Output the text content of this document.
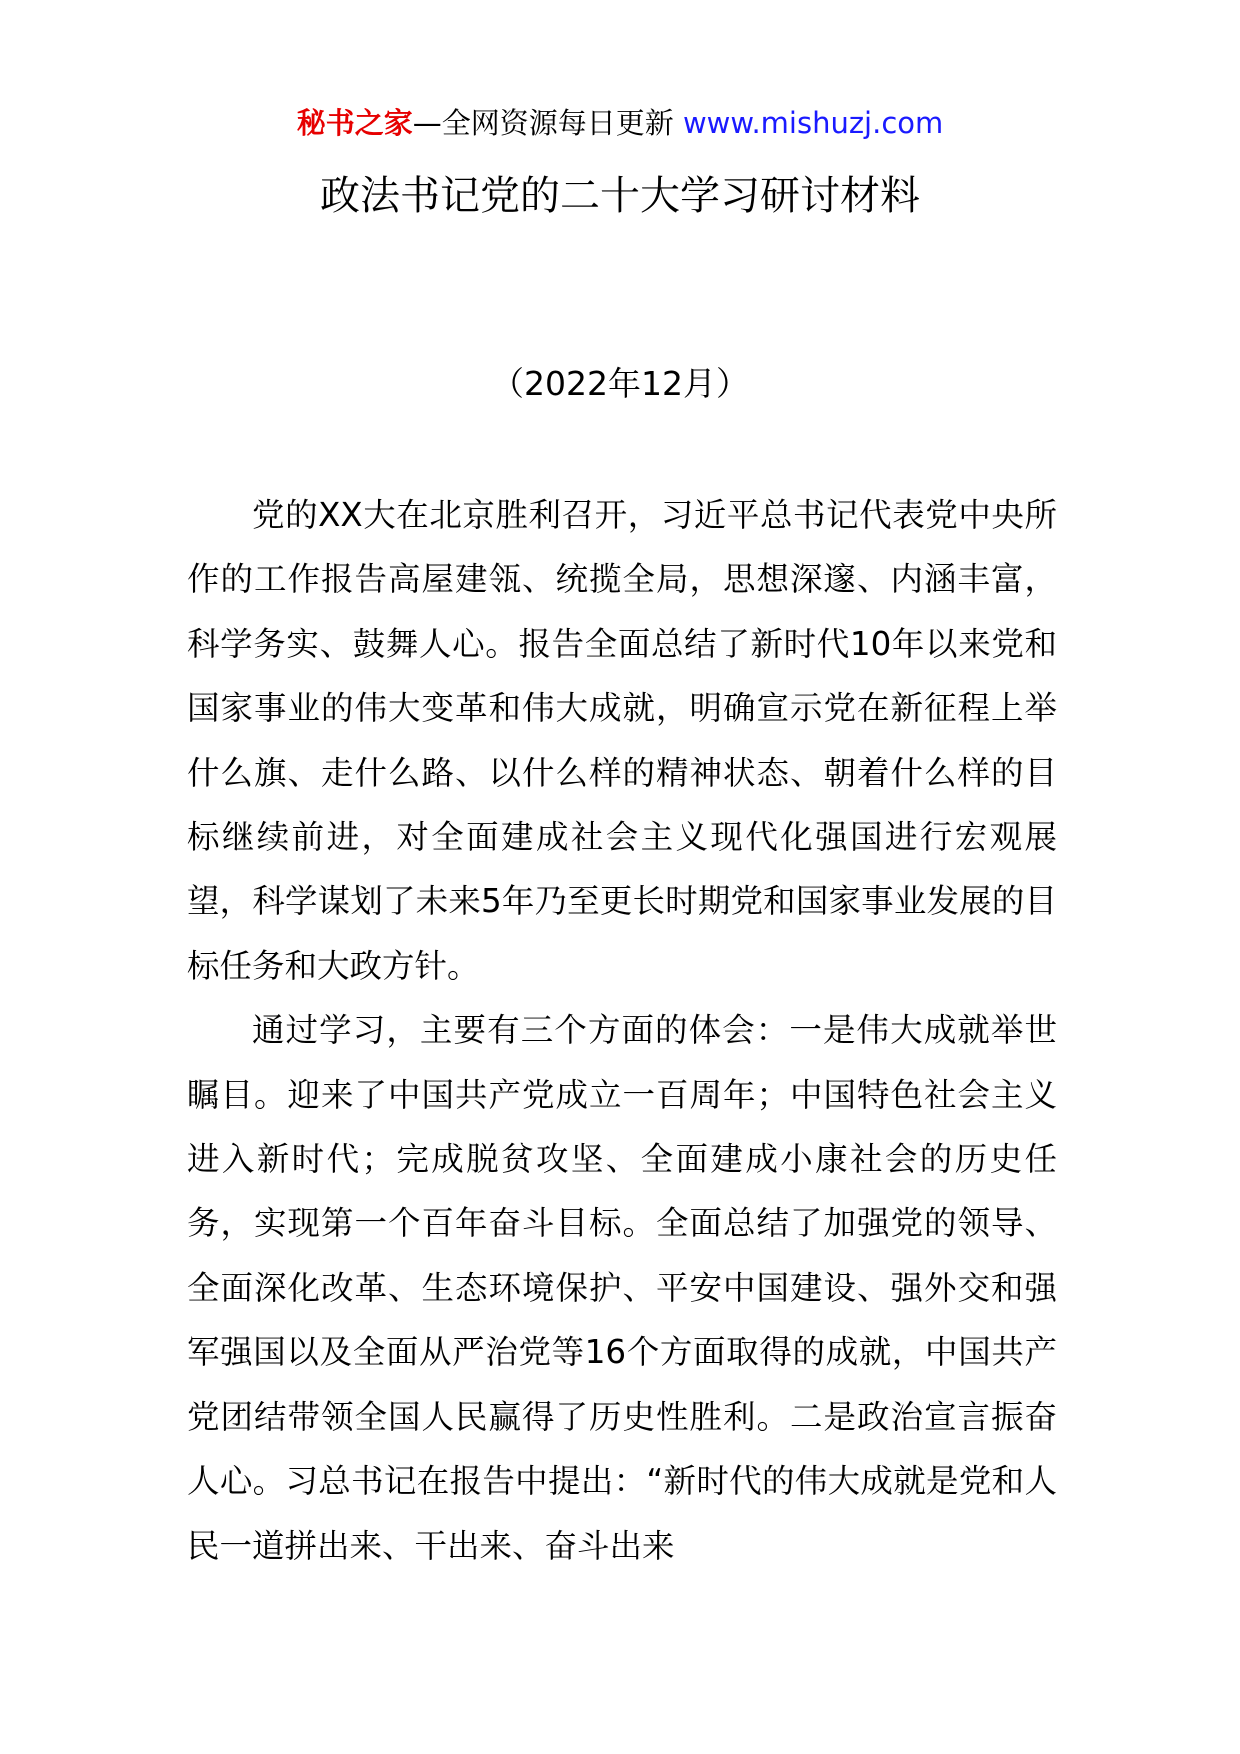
秘书之家—全网资源每日更新 www.mishuzj.com
政法书记党的二十大学习研讨材料
（2022年12月）

党的XX大在北京胜利召开，习近平总书记代表党中央所作的工作报告高屋建瓴、统揽全局，思想深邃、内涵丰富，科学务实、鼓舞人心。报告全面总结了新时代10年以来党和国家事业的伟大变革和伟大成就，明确宣示党在新征程上举什么旗、走什么路、以什么样的精神状态、朝着什么样的目标继续前进，对全面建成社会主义现代化强国进行宏观展望，科学谋划了未来5年乃至更长时期党和国家事业发展的目标任务和大政方针。

通过学习，主要有三个方面的体会：一是伟大成就举世瞩目。迎来了中国共产党成立一百周年；中国特色社会主义进入新时代；完成脱贫攻坚、全面建成小康社会的历史任务，实现第一个百年奋斗目标。全面总结了加强党的领导、全面深化改革、生态环境保护、平安中国建设、强外交和强军强国以及全面从严治党等16个方面取得的成就，中国共产党团结带领全国人民赢得了历史性胜利。二是政治宣言振奋人心。习总书记在报告中提出：“新时代的伟大成就是党和人民一道拼出来、干出来、奋斗出来
